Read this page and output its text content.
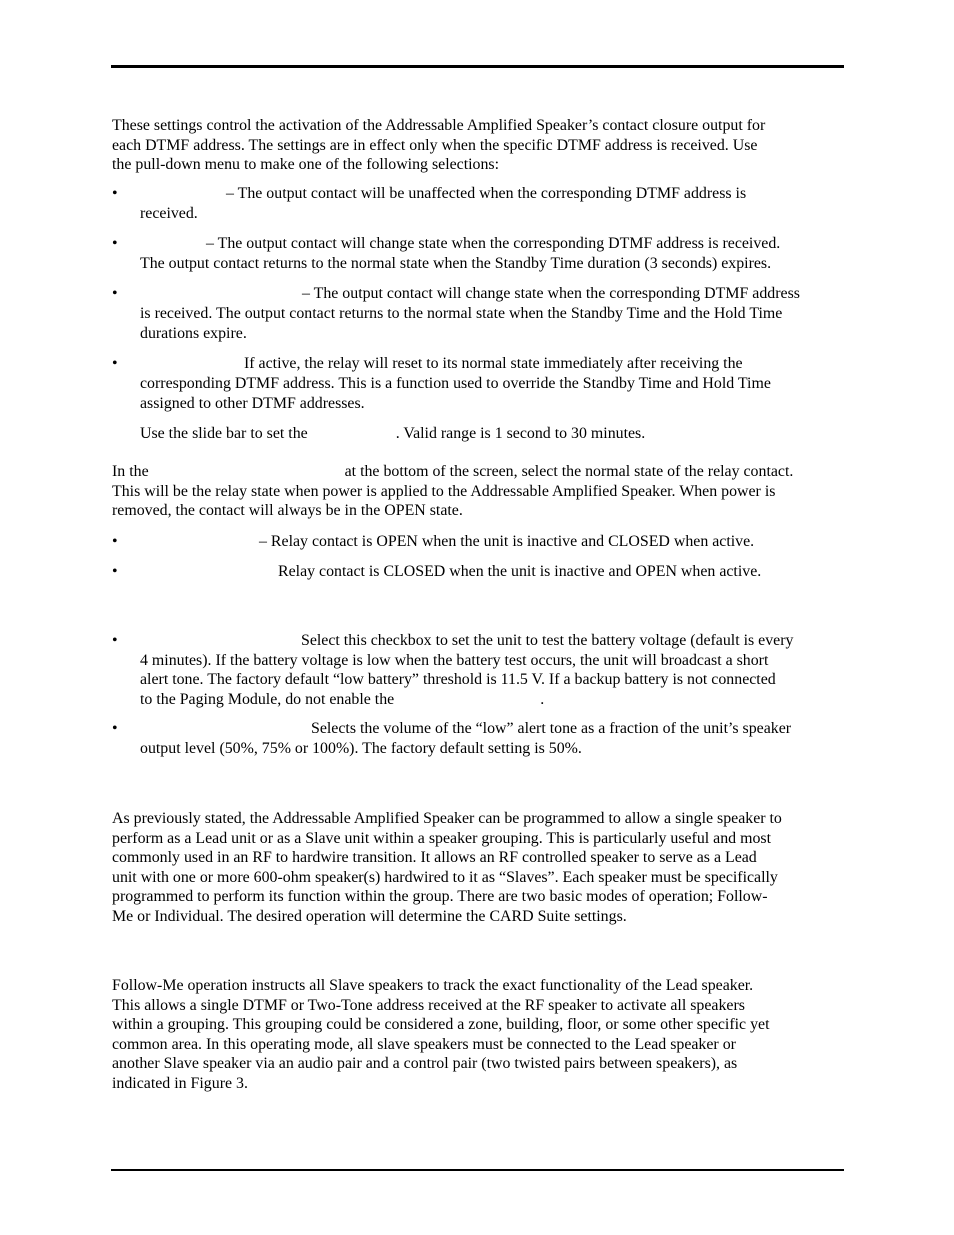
These settings control the activation of the Addressable Amplified Speaker’s contact closure output for
each DTMF address. The settings are in effect only when the specific DTMF address is received. Use
the pull-down menu to make one of the following selections:

•	– The output contact will be unaffected when the corresponding DTMF address is
received.

•	– The output contact will change state when the corresponding DTMF address is received.
The output contact returns to the normal state when the Standby Time duration (3 seconds) expires.

•	– The output contact will change state when the corresponding DTMF address
is received. The output contact returns to the normal state when the Standby Time and the Hold Time
durations expire.

•	If active, the relay will reset to its normal state immediately after receiving the
corresponding DTMF address. This is a function used to override the Standby Time and Hold Time
assigned to other DTMF addresses.

Use the slide bar to set the	. Valid range is 1 second to 30 minutes.

In the	at the bottom of the screen, select the normal state of the relay contact.
This will be the relay state when power is applied to the Addressable Amplified Speaker. When power is
removed, the contact will always be in the OPEN state.

•	– Relay contact is OPEN when the unit is inactive and CLOSED when active.

•	Relay contact is CLOSED when the unit is inactive and OPEN when active.

•	Select this checkbox to set the unit to test the battery voltage (default is every
4 minutes). If the battery voltage is low when the battery test occurs, the unit will broadcast a short
alert tone. The factory default “low battery” threshold is 11.5 V. If a backup battery is not connected
to the Paging Module, do not enable the	.

•	Selects the volume of the “low” alert tone as a fraction of the unit’s speaker
output level (50%, 75% or 100%). The factory default setting is 50%.

As previously stated, the Addressable Amplified Speaker can be programmed to allow a single speaker to
perform as a Lead unit or as a Slave unit within a speaker grouping. This is particularly useful and most
commonly used in an RF to hardwire transition. It allows an RF controlled speaker to serve as a Lead
unit with one or more 600-ohm speaker(s) hardwired to it as “Slaves”. Each speaker must be specifically
programmed to perform its function within the group. There are two basic modes of operation; Follow-
Me or Individual. The desired operation will determine the CARD Suite settings.

Follow-Me operation instructs all Slave speakers to track the exact functionality of the Lead speaker.
This allows a single DTMF or Two-Tone address received at the RF speaker to activate all speakers
within a grouping. This grouping could be considered a zone, building, floor, or some other specific yet
common area. In this operating mode, all slave speakers must be connected to the Lead speaker or
another Slave speaker via an audio pair and a control pair (two twisted pairs between speakers), as
indicated in Figure 3.
